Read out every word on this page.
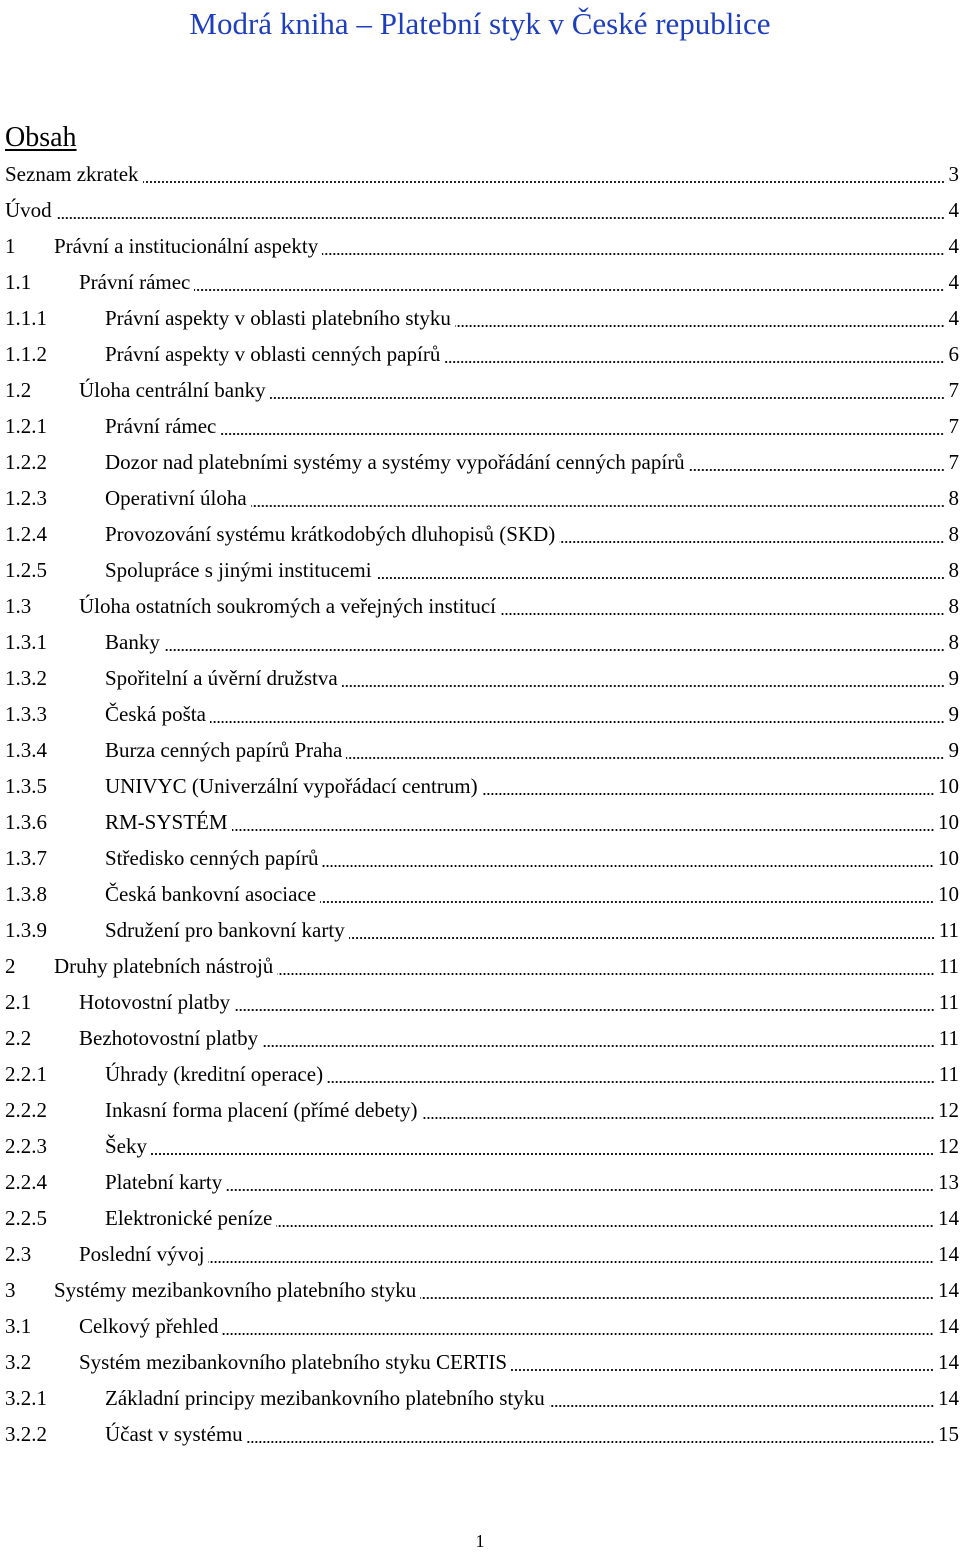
Modrá kniha – Platební styk v České republice
Obsah
Seznam zkratek	3
Úvod	4
1	Právní a institucionální aspekty	4
1.1	Právní rámec	4
1.1.1	Právní aspekty v oblasti platebního styku	4
1.1.2	Právní aspekty v oblasti cenných papírů	6
1.2	Úloha centrální banky	7
1.2.1	Právní rámec	7
1.2.2	Dozor nad platebními systémy a systémy vypořádání cenných papírů	7
1.2.3	Operativní úloha	8
1.2.4	Provozování systému krátkodobých dluhopisů (SKD)	8
1.2.5	Spolupráce s jinými institucemi	8
1.3	Úloha ostatních soukromých a veřejných institucí	8
1.3.1	Banky	8
1.3.2	Spořitelní a úvěrní družstva	9
1.3.3	Česká pošta	9
1.3.4	Burza cenných papírů Praha	9
1.3.5	UNIVYC (Univerzální vypořádací centrum)	10
1.3.6	RM-SYSTÉM	10
1.3.7	Středisko cenných papírů	10
1.3.8	Česká bankovní asociace	10
1.3.9	Sdružení pro bankovní karty	11
2	Druhy platebních nástrojů	11
2.1	Hotovostní platby	11
2.2	Bezhotovostní platby	11
2.2.1	Úhrady (kreditní operace)	11
2.2.2	Inkasní forma placení (přímé debety)	12
2.2.3	Šeky	12
2.2.4	Platební karty	13
2.2.5	Elektronické peníze	14
2.3	Poslední vývoj	14
3	Systémy mezibankovního platebního styku	14
3.1	Celkový přehled	14
3.2	Systém mezibankovního platebního styku CERTIS	14
3.2.1	Základní principy mezibankovního platebního styku	14
3.2.2	Účast v systému	15
1
